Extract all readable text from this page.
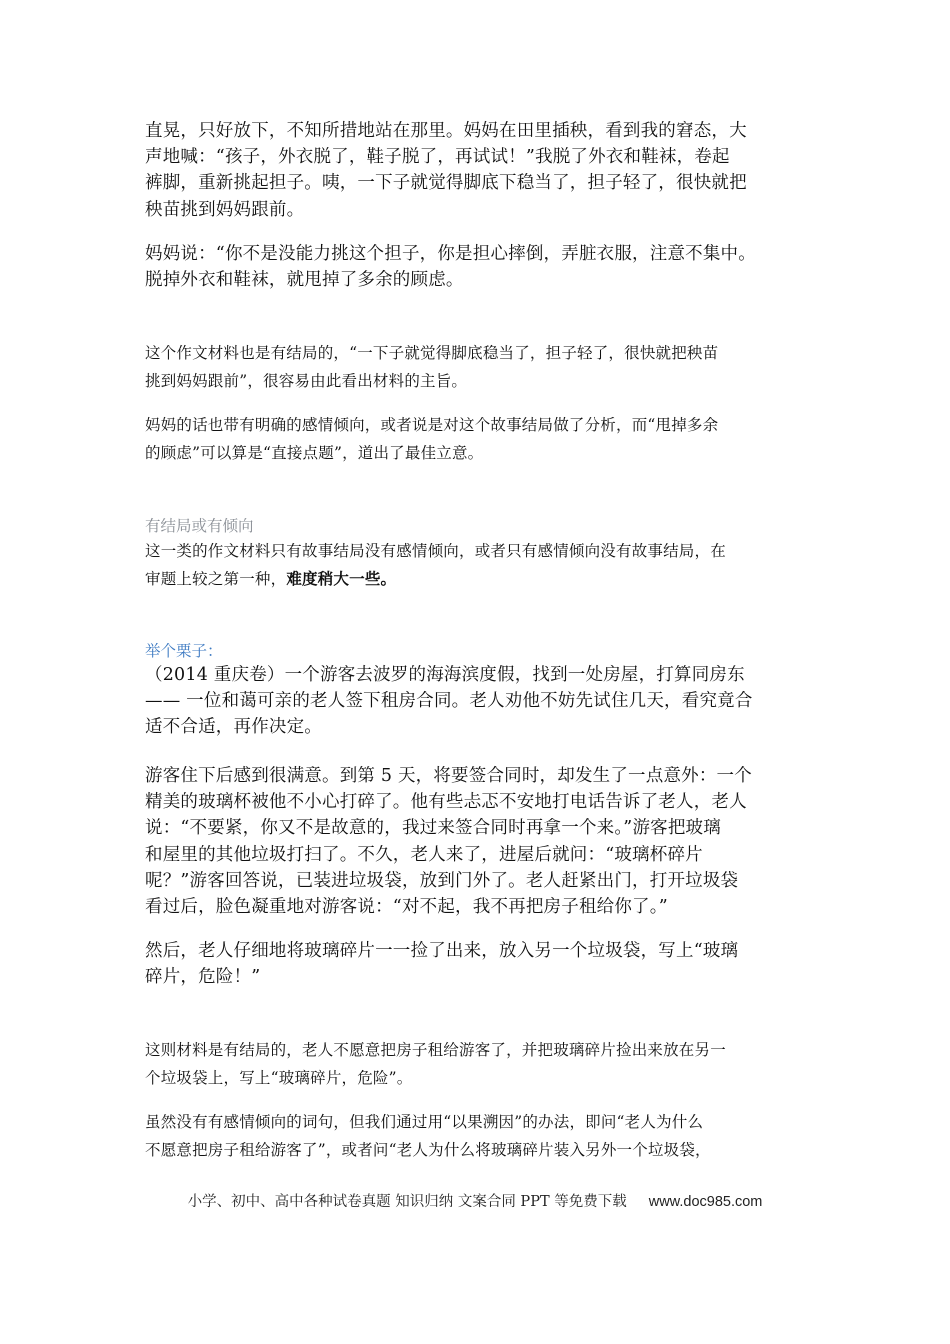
直晃，只好放下，不知所措地站在那里。妈妈在田里插秧，看到我的窘态，大
声地喊：“孩子，外衣脱了，鞋子脱了，再试试！”我脱了外衣和鞋袜，卷起
裤脚，重新挑起担子。咦，一下子就觉得脚底下稳当了，担子轻了，很快就把
秧苗挑到妈妈跟前。
妈妈说：“你不是没能力挑这个担子，你是担心摔倒，弄脏衣服，注意不集中。
脱掉外衣和鞋袜，就甩掉了多余的顾虑。
这个作文材料也是有结局的，“一下子就觉得脚底稳当了，担子轻了，很快就把秧苗
挑到妈妈跟前”，很容易由此看出材料的主旨。
妈妈的话也带有明确的感情倾向，或者说是对这个故事结局做了分析，而“甩掉多余
的顾虑”可以算是“直接点题”，道出了最佳立意。
有结局或有倾向
这一类的作文材料只有故事结局没有感情倾向，或者只有感情倾向没有故事结局，在
审题上较之第一种，难度稍大一些。
举个栗子：
（2014 重庆卷）一个游客去波罗的海海滨度假，找到一处房屋，打算同房东
—— 一位和蔼可亲的老人签下租房合同。老人劝他不妨先试住几天，看究竟合
适不合适，再作决定。
游客住下后感到很满意。到第 5 天，将要签合同时，却发生了一点意外：一个
精美的玻璃杯被他不小心打碎了。他有些忐忑不安地打电话告诉了老人，老人
说：“不要紧，你又不是故意的，我过来签合同时再拿一个来。”游客把玻璃
和屋里的其他垃圾打扫了。不久，老人来了，进屋后就问：“玻璃杯碎片
呢？”游客回答说，已装进垃圾袋，放到门外了。老人赶紧出门，打开垃圾袋
看过后，脸色凝重地对游客说：“对不起，我不再把房子租给你了。”
然后，老人仔细地将玻璃碎片一一捡了出来，放入另一个垃圾袋，写上“玻璃
碎片，危险！”
这则材料是有结局的，老人不愿意把房子租给游客了，并把玻璃碎片捡出来放在另一
个垃圾袋上，写上“玻璃碎片，危险”。
虽然没有有感情倾向的词句，但我们通过用“以果溯因”的办法，即问“老人为什么
不愿意把房子租给游客了”，或者问“老人为什么将玻璃碎片装入另外一个垃圾袋，
小学、初中、高中各种试卷真题 知识归纳 文案合同 PPT 等免费下载 www.doc985.com
